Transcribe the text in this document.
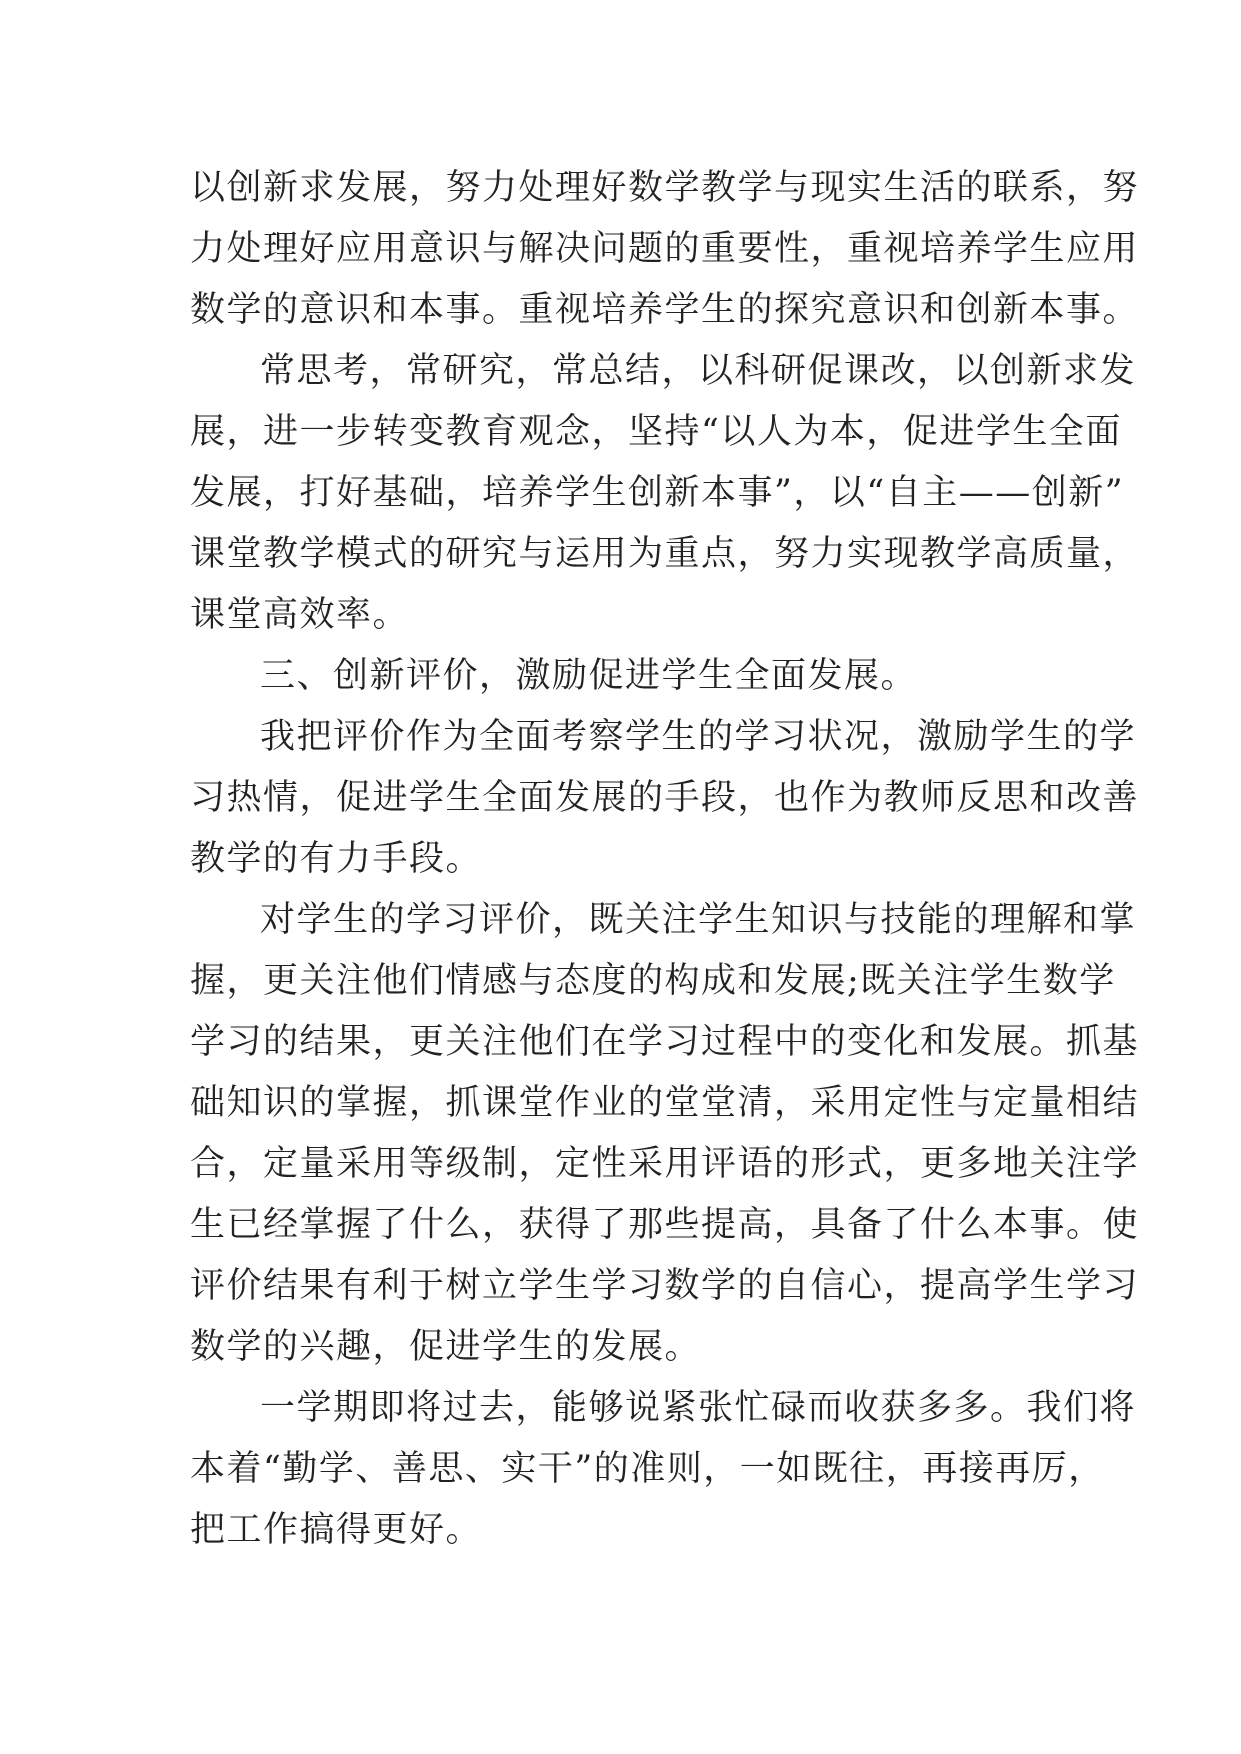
以创新求发展，努力处理好数学教学与现实生活的联系，努
力处理好应用意识与解决问题的重要性，重视培养学生应用
数学的意识和本事。重视培养学生的探究意识和创新本事。
常思考，常研究，常总结，以科研促课改，以创新求发
展，进一步转变教育观念，坚持“以人为本，促进学生全面
发展，打好基础，培养学生创新本事”，以“自主——创新”
课堂教学模式的研究与运用为重点，努力实现教学高质量，
课堂高效率。
三、创新评价，激励促进学生全面发展。
我把评价作为全面考察学生的学习状况，激励学生的学
习热情，促进学生全面发展的手段，也作为教师反思和改善
教学的有力手段。
对学生的学习评价，既关注学生知识与技能的理解和掌
握，更关注他们情感与态度的构成和发展;既关注学生数学
学习的结果，更关注他们在学习过程中的变化和发展。抓基
础知识的掌握，抓课堂作业的堂堂清，采用定性与定量相结
合，定量采用等级制，定性采用评语的形式，更多地关注学
生已经掌握了什么，获得了那些提高，具备了什么本事。使
评价结果有利于树立学生学习数学的自信心，提高学生学习
数学的兴趣，促进学生的发展。
一学期即将过去，能够说紧张忙碌而收获多多。我们将
本着“勤学、善思、实干”的准则，一如既往，再接再厉，
把工作搞得更好。
